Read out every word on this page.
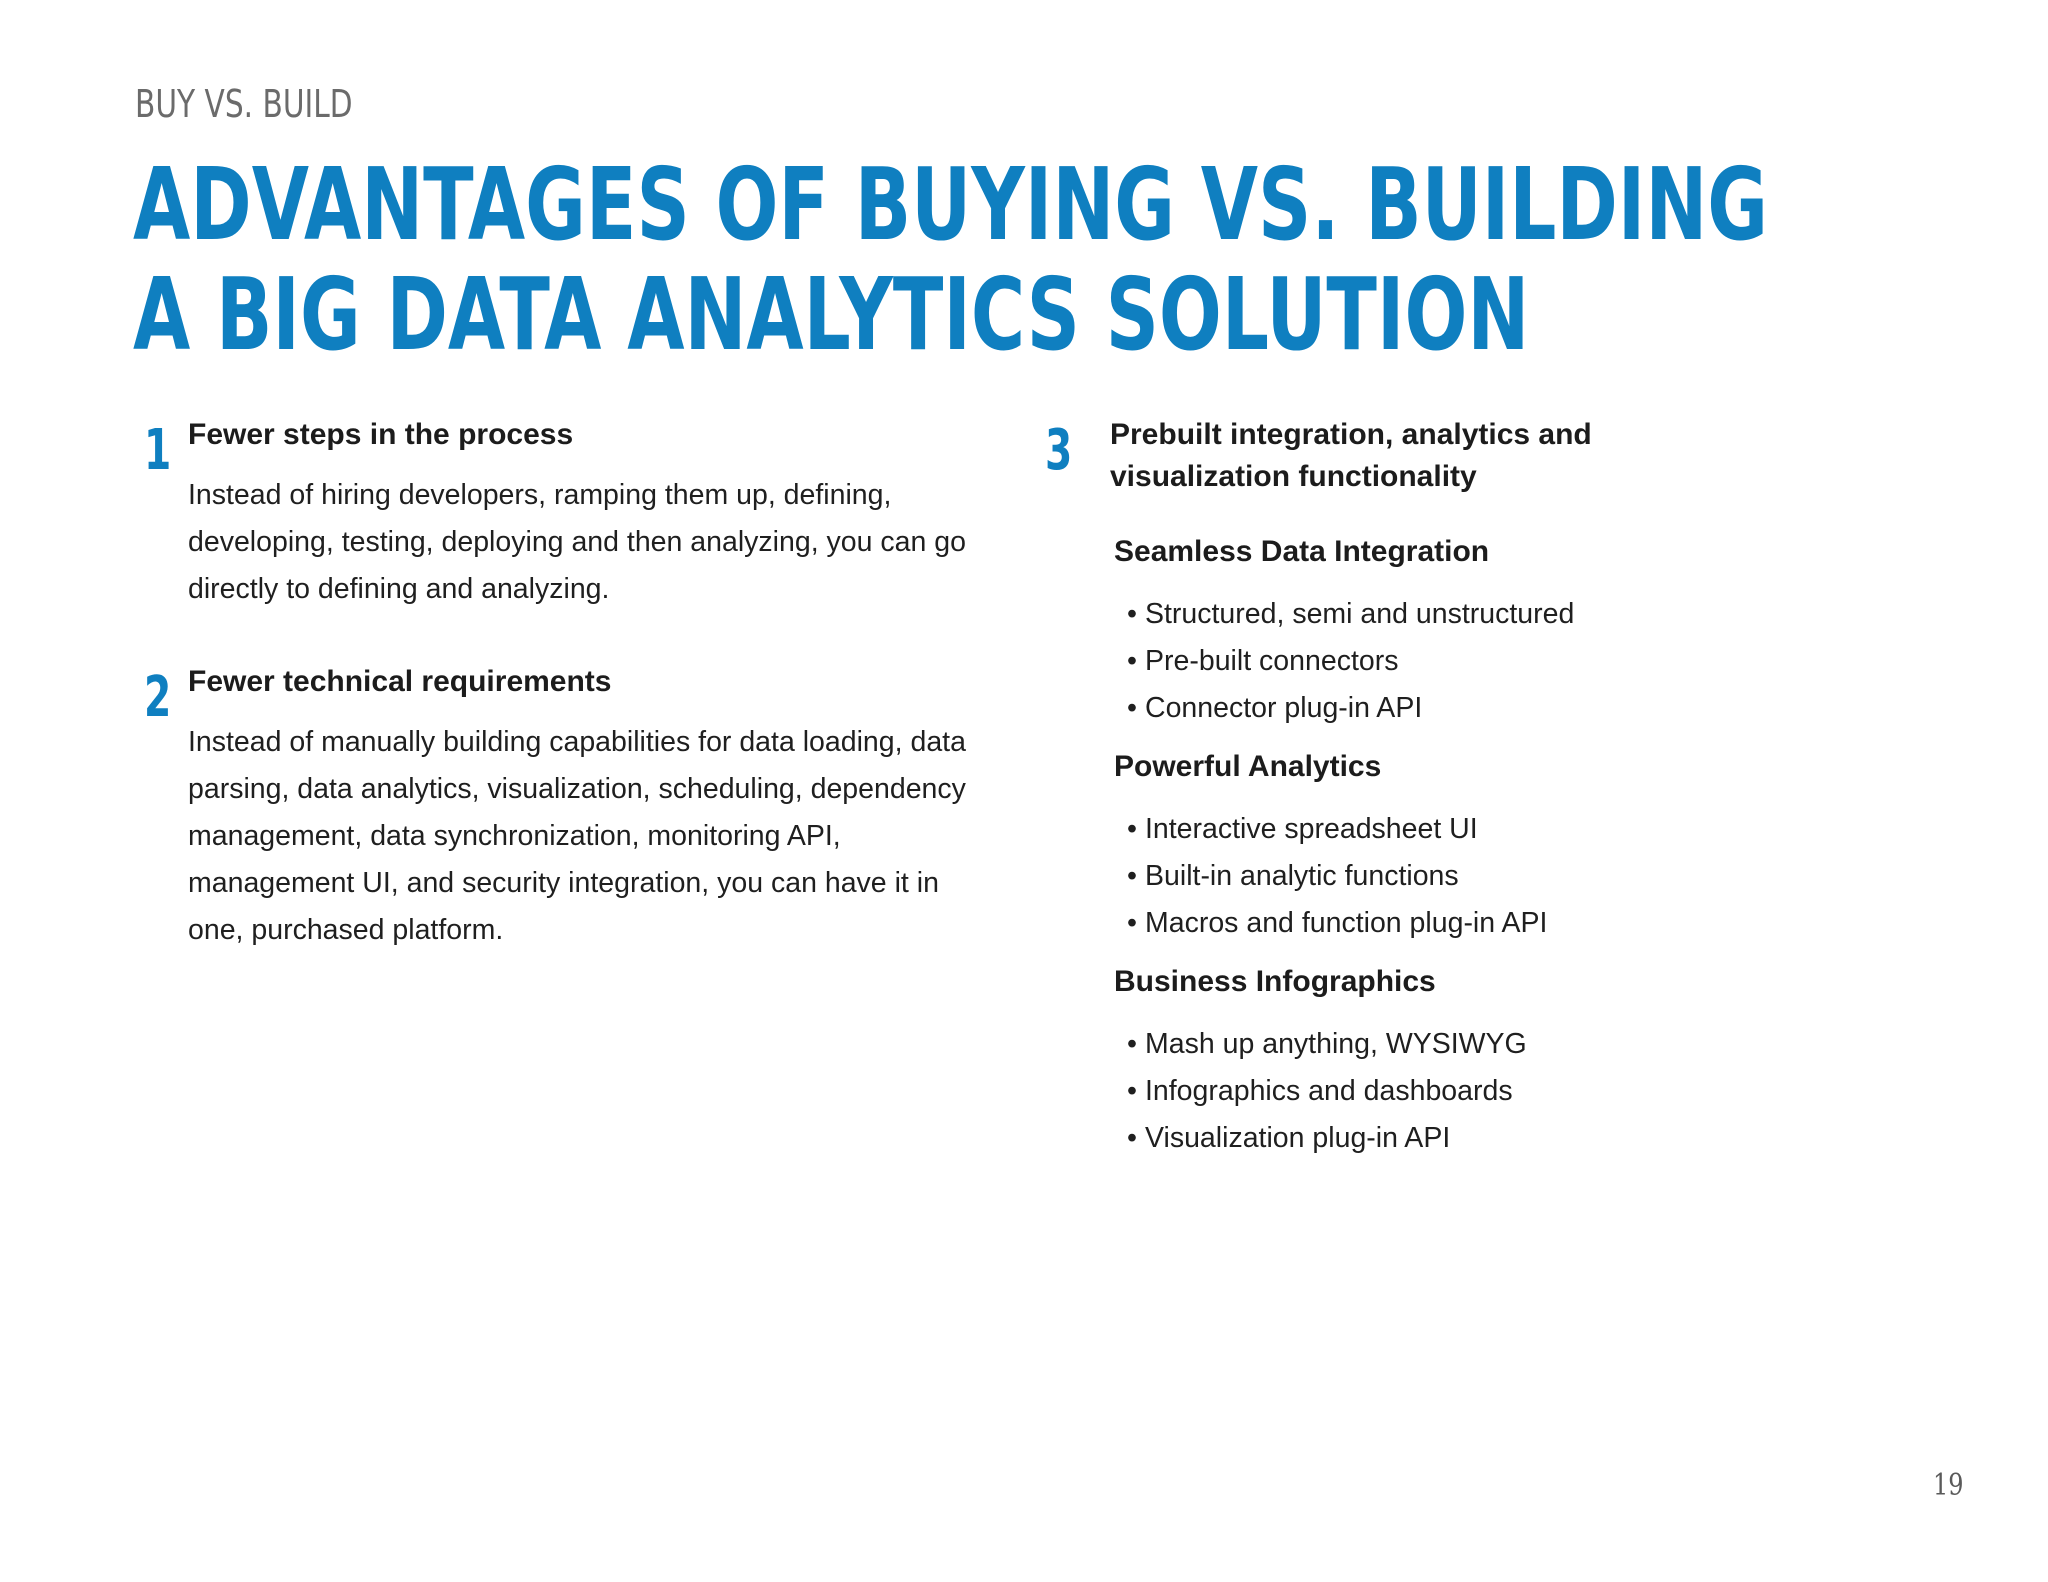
BUY VS. BUILD
ADVANTAGES OF BUYING VS. BUILDING
A BIG DATA ANALYTICS SOLUTION
1 Fewer steps in the process

Instead of hiring developers, ramping them up, defining, developing, testing, deploying and then analyzing, you can go directly to defining and analyzing.

2 Fewer technical requirements

Instead of manually building capabilities for data loading, data parsing, data analytics, visualization, scheduling, dependency management, data synchronization, monitoring API, management UI, and security integration, you can have it in one, purchased platform.

3 Prebuilt integration, analytics and
visualization functionality
Seamless Data Integration
• Structured, semi and unstructured
• Pre-built connectors
• Connector plug-in API
Powerful Analytics
• Interactive spreadsheet UI
• Built-in analytic functions
• Macros and function plug-in API
Business Infographics
• Mash up anything, WYSIWYG
• Infographics and dashboards
• Visualization plug-in API
19
